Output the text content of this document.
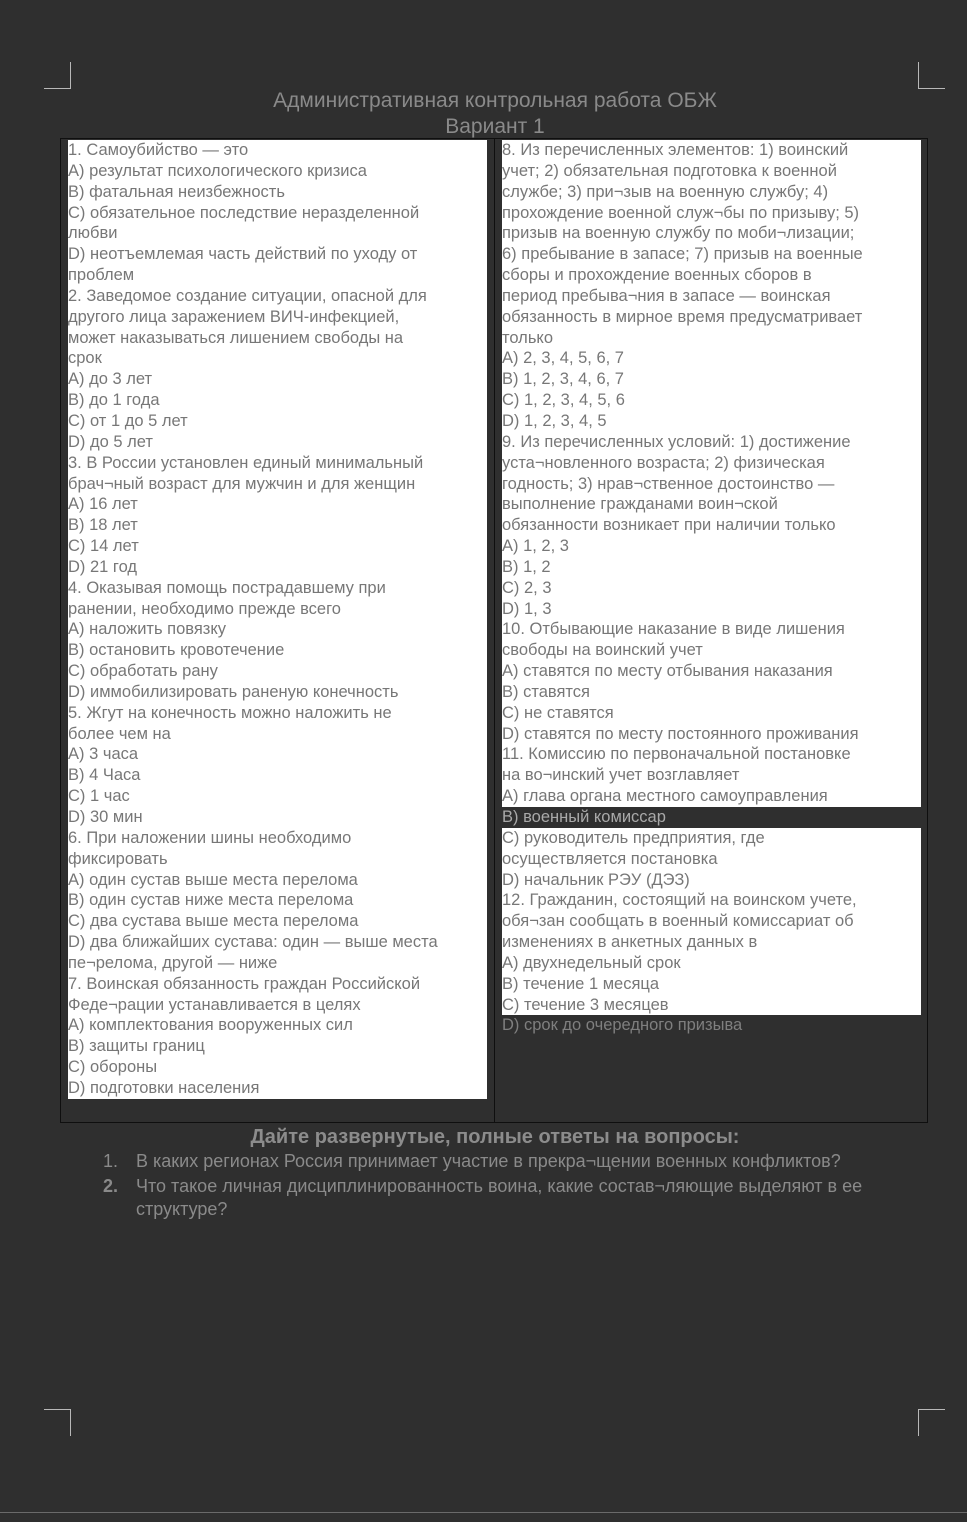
Административная контрольная работа ОБЖ
Вариант 1
1. Самоубийство — это
A) результат психологического кризиса
B) фатальная неизбежность
C) обязательное последствие неразделенной
любви
D) неотъемлемая часть действий по уходу от
проблем
2. Заведомое создание ситуации, опасной для
другого лица заражением ВИЧ-инфекцией,
может наказываться лишением свободы на
срок
A) до 3 лет
B) до 1 года
C) от 1 до 5 лет
D) до 5 лет
3. В России установлен единый минимальный
брач¬ный возраст для мужчин и для женщин
A) 16 лет
B) 18 лет
C) 14 лет
D) 21 год
4. Оказывая помощь пострадавшему при
ранении, необходимо прежде всего
A) наложить повязку
B) остановить кровотечение
C) обработать рану
D) иммобилизировать раненую конечность
5. Жгут на конечность можно наложить не
более чем на
A) 3 часа
B) 4 Часа
C) 1 час
D) 30 мин
6. При наложении шины необходимо
фиксировать
A) один сустав выше места перелома
B) один сустав ниже места перелома
C) два сустава выше места перелома
D) два ближайших сустава: один — выше места
пе¬релома, другой — ниже
7. Воинская обязанность граждан Российской
Феде¬рации устанавливается в целях
A) комплектования вооруженных сил
B) защиты границ
C) обороны
D) подготовки населения
8. Из перечисленных элементов: 1) воинский
учет; 2) обязательная подготовка к военной
службе; 3) при¬зыв на военную службу; 4)
прохождение военной служ¬бы по призыву; 5)
призыв на военную службу по моби¬лизации;
6) пребывание в запасе; 7) призыв на военные
сборы и прохождение военных сборов в
период пребыва¬ния в запасе — воинская
обязанность в мирное время предусматривает
только
A) 2, 3, 4, 5, 6, 7
B) 1, 2, 3, 4, 6, 7
C) 1, 2, 3, 4, 5, 6
D) 1, 2, 3, 4, 5
9. Из перечисленных условий: 1) достижение
уста¬новленного возраста; 2) физическая
годность; 3) нрав¬ственное достоинство —
выполнение гражданами воин¬ской
обязанности возникает при наличии только
A) 1, 2, 3
B) 1, 2
C) 2, 3
D) 1, 3
10. Отбывающие наказание в виде лишения
свободы на воинский учет
A) ставятся по месту отбывания наказания
B) ставятся
C) не ставятся
D) ставятся по месту постоянного проживания
11. Комиссию по первоначальной постановке
на во¬инский учет возглавляет
A) глава органа местного самоуправления
B) военный комиссар
C) руководитель предприятия, где
осуществляется постановка
D) начальник РЭУ (ДЭЗ)
12. Гражданин, состоящий на воинском учете,
обя¬зан сообщать в военный комиссариат об
изменениях в анкетных данных в
A) двухнедельный срок
B) течение 1 месяца
C) течение 3 месяцев
D) срок до очередного призыва
Дайте развернутые, полные ответы на вопросы:
1. В каких регионах Россия принимает участие в прекра¬щении военных конфликтов?
2. Что такое личная дисциплинированность воина, какие состав¬ляющие выделяют в ее структуре?
